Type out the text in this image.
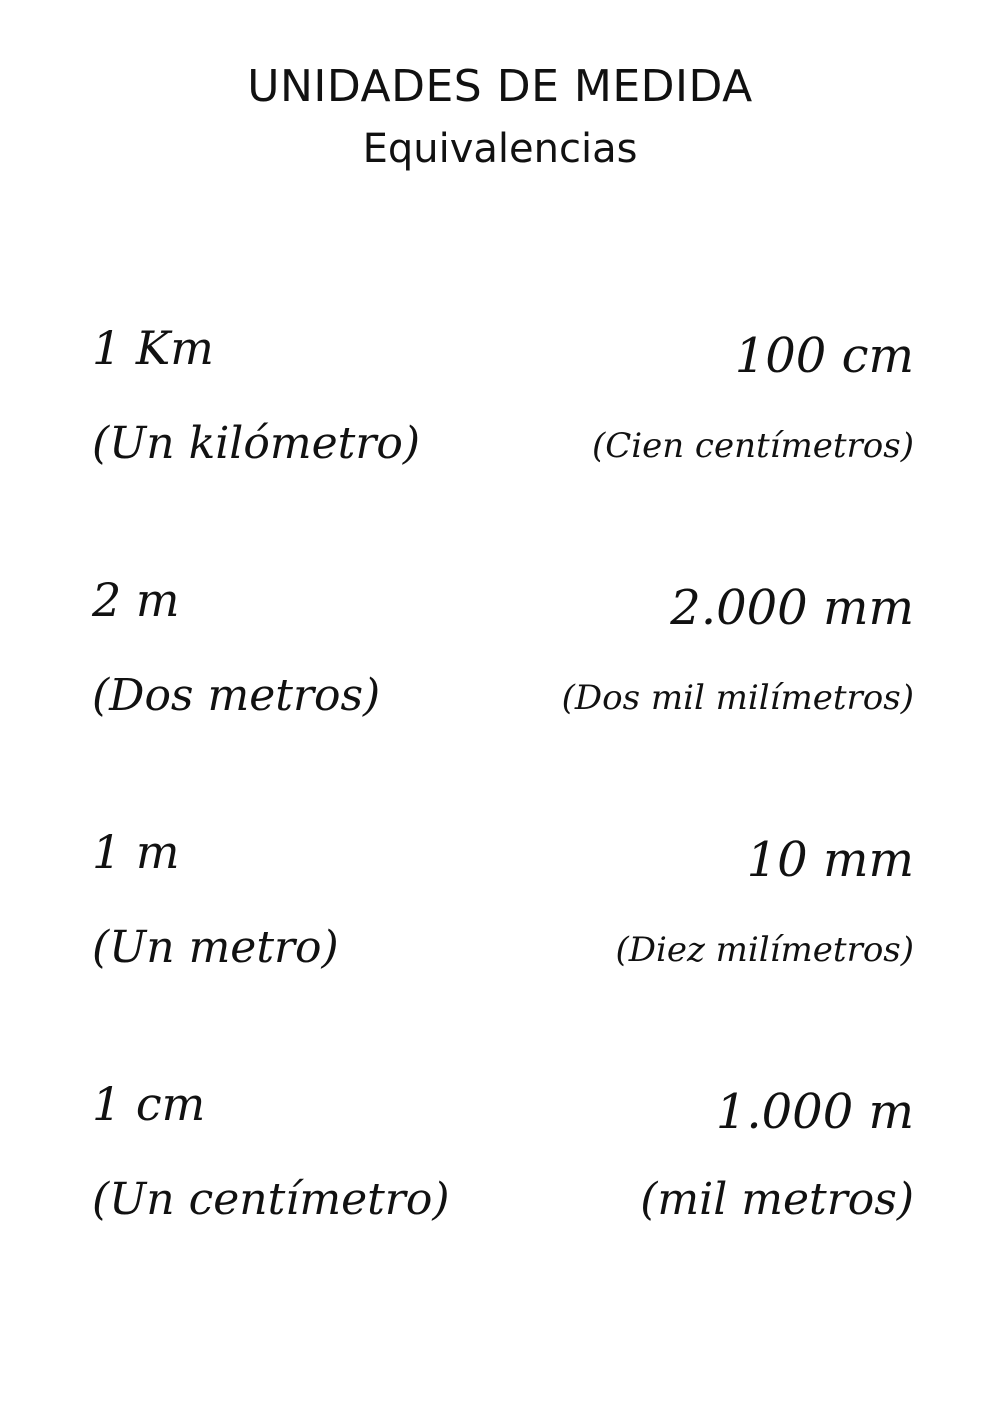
UNIDADES DE MEDIDA
Equivalencias
1 Km	100 cm
(Un kilómetro)	(Cien centímetros)
2 m	2.000 mm
(Dos metros)	(Dos mil milímetros)
1 m	10 mm
(Un metro)	(Diez milímetros)
1 cm	1.000 m
(Un centímetro)	(mil metros)
